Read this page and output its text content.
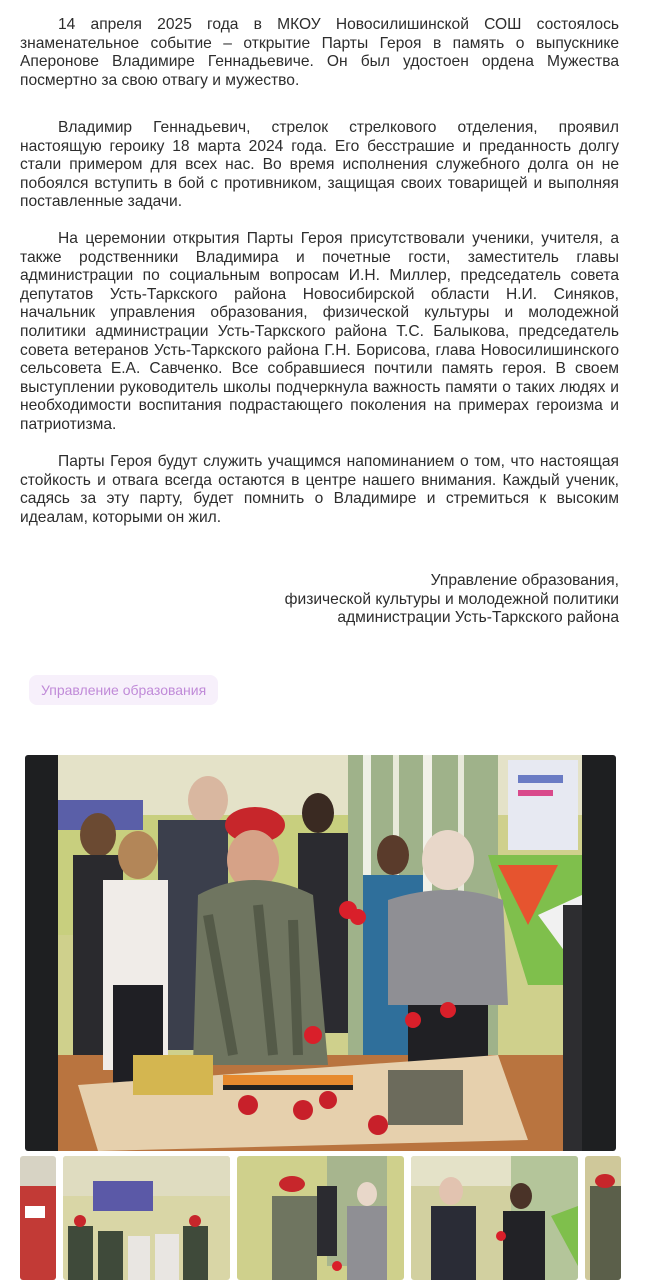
14 апреля 2025 года в МКОУ Новосилишинской СОШ состоялось знаменательное событие – открытие Парты Героя в память о выпускнике Аперонове Владимире Геннадьевиче. Он был удостоен ордена Мужества посмертно за свою отвагу и мужество.

Владимир Геннадьевич, стрелок стрелкового отделения, проявил настоящую героику 18 марта 2024 года. Его бесстрашие и преданность долгу стали примером для всех нас. Во время исполнения служебного долга он не побоялся вступить в бой с противником, защищая своих товарищей и выполняя поставленные задачи.

На церемонии открытия Парты Героя присутствовали ученики, учителя, а также родственники Владимира и почетные гости, заместитель главы администрации по социальным вопросам И.Н. Миллер, председатель совета депутатов Усть-Таркского района Новосибирской области Н.И. Синяков, начальник управления образования, физической культуры и молодежной политики администрации Усть-Таркского района Т.С. Балыкова, председатель совета ветеранов Усть-Таркского района Г.Н. Борисова, глава Новосилишинского сельсовета Е.А. Савченко. Все собравшиеся почтили память героя. В своем выступлении руководитель школы подчеркнула важность памяти о таких людях и необходимости воспитания подрастающего поколения на примерах героизма и патриотизма.

Парты Героя будут служить учащимся напоминанием о том, что настоящая стойкость и отвага всегда остаются в центре нашего внимания. Каждый ученик, садясь за эту парту, будет помнить о Владимире и стремиться к высоким идеалам, которыми он жил.

Управление образования,
физической культуры и молодежной политики
администрации Усть-Таркского района
Управление образования
